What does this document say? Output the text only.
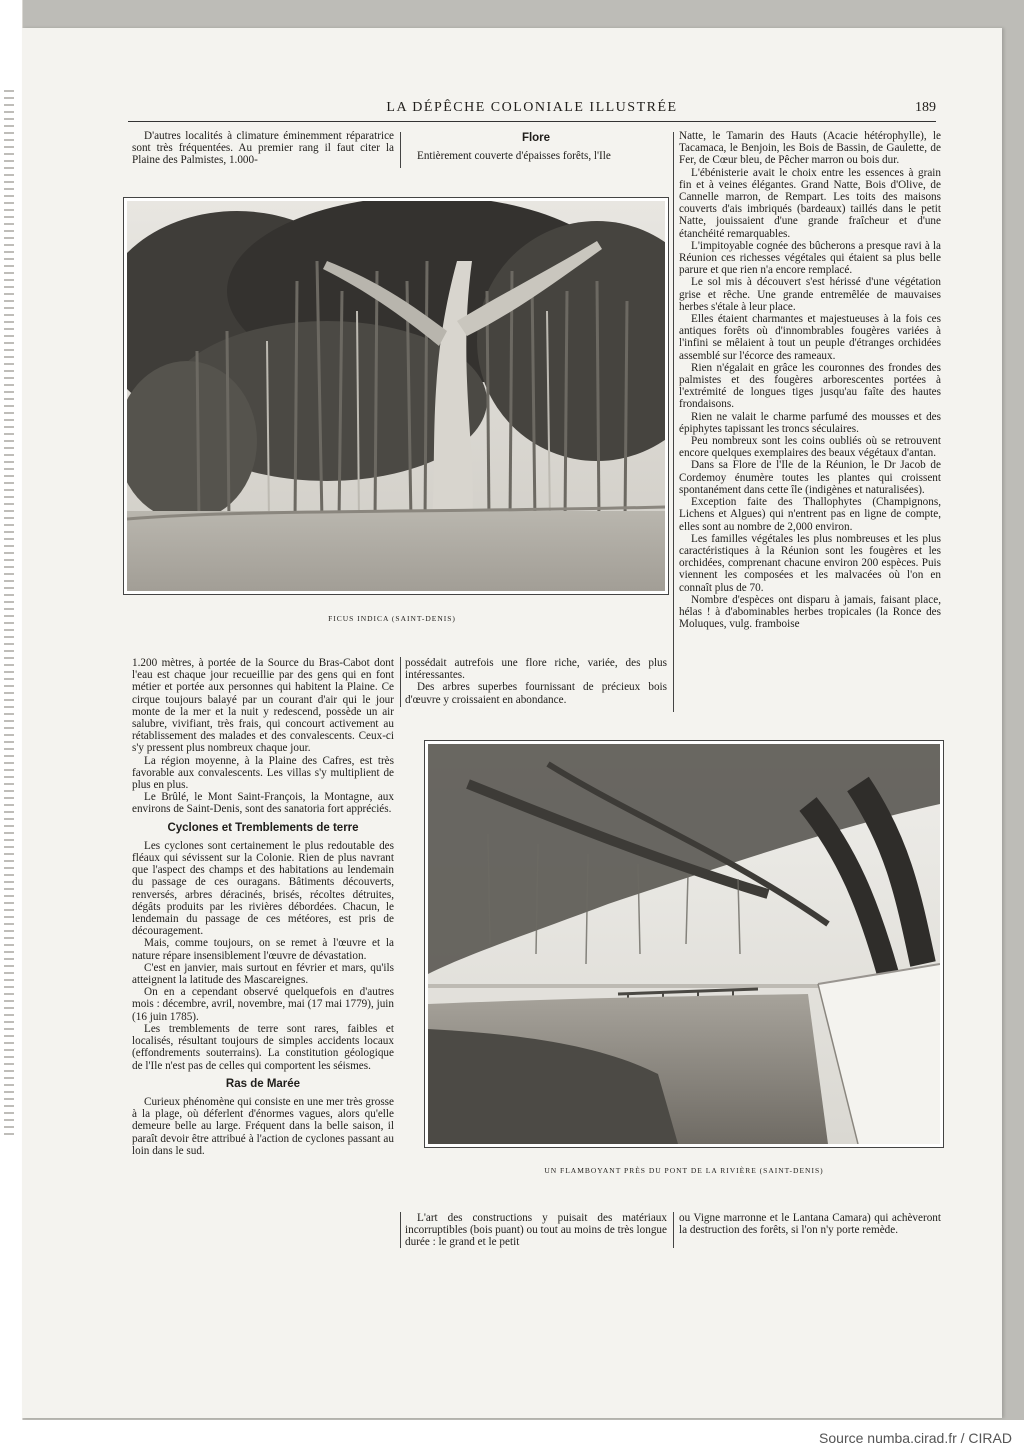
LA DÉPÊCHE COLONIALE ILLUSTRÉE	189

D'autres localités à climature éminemment réparatrice sont très fréquentées. Au premier rang il faut citer la Plaine des Palmistes, 1.000-

Flore

Entièrement couverte d'épaisses forêts, l'Ile

Natte, le Tamarin des Hauts (Acacie hétérophylle), le Tacamaca, le Benjoin, les Bois de Bassin, de Gaulette, de Fer, de Cœur bleu, de Pêcher marron ou bois dur.

L'ébénisterie avait le choix entre les essences à grain fin et à veines élégantes. Grand Natte, Bois d'Olive, de Cannelle marron, de Rempart. Les toits des maisons couverts d'ais imbriqués (bardeaux) taillés dans le petit Natte, jouissaient d'une grande fraîcheur et d'une étanchéité remarquables.

L'impitoyable cognée des bûcherons a presque ravi à la Réunion ces richesses végétales qui étaient sa plus belle parure et que rien n'a encore remplacé.

Le sol mis à découvert s'est hérissé d'une végétation grise et rêche. Une grande entremêlée de mauvaises herbes s'étale à leur place.

Elles étaient charmantes et majestueuses à la fois ces antiques forêts où d'innombrables fougères variées à l'infini se mêlaient à tout un peuple d'étranges orchidées assemblé sur l'écorce des rameaux.

Rien n'égalait en grâce les couronnes des frondes des palmistes et des fougères arborescentes portées à l'extrémité de longues tiges jusqu'au faîte des hautes frondaisons.

Rien ne valait le charme parfumé des mousses et des épiphytes tapissant les troncs séculaires.

Peu nombreux sont les coins oubliés où se retrouvent encore quelques exemplaires des beaux végétaux d'antan.

Dans sa Flore de l'Ile de la Réunion, le Dr Jacob de Cordemoy énumère toutes les plantes qui croissent spontanément dans cette île (indigènes et naturalisées).

Exception faite des Thallophytes (Champignons, Lichens et Algues) qui n'entrent pas en ligne de compte, elles sont au nombre de 2,000 environ.

Les familles végétales les plus nombreuses et les plus caractéristiques à la Réunion sont les fougères et les orchidées, comprenant chacune environ 200 espèces. Puis viennent les composées et les malvacées où l'on en connaît plus de 70.

Nombre d'espèces ont disparu à jamais, faisant place, hélas ! à d'abominables herbes tropicales (la Ronce des Moluques, vulg. framboise

FICUS INDICA (SAINT-DENIS)

1.200 mètres, à portée de la Source du Bras-Cabot dont l'eau est chaque jour recueillie par des gens qui en font métier et portée aux personnes qui habitent la Plaine. Ce cirque toujours balayé par un courant d'air qui le jour monte de la mer et la nuit y redescend, possède un air salubre, vivifiant, très frais, qui concourt activement au rétablissement des malades et des convalescents. Ceux-ci s'y pressent plus nombreux chaque jour.

La région moyenne, à la Plaine des Cafres, est très favorable aux convalescents. Les villas s'y multiplient de plus en plus.

Le Brûlé, le Mont Saint-François, la Montagne, aux environs de Saint-Denis, sont des sanatoria fort appréciés.

Cyclones et Tremblements de terre

Les cyclones sont certainement le plus redoutable des fléaux qui sévissent sur la Colonie. Rien de plus navrant que l'aspect des champs et des habitations au lendemain du passage de ces ouragans. Bâtiments découverts, renversés, arbres déracinés, brisés, récoltes détruites, dégâts produits par les rivières débordées. Chacun, le lendemain du passage de ces météores, est pris de découragement.

Mais, comme toujours, on se remet à l'œuvre et la nature répare insensiblement l'œuvre de dévastation.

C'est en janvier, mais surtout en février et mars, qu'ils atteignent la latitude des Mascareignes.

On en a cependant observé quelquefois en d'autres mois : décembre, avril, novembre, mai (17 mai 1779), juin (16 juin 1785).

Les tremblements de terre sont rares, faibles et localisés, résultant toujours de simples accidents locaux (effondrements souterrains). La constitution géologique de l'Ile n'est pas de celles qui comportent les séismes.

Ras de Marée

Curieux phénomène qui consiste en une mer très grosse à la plage, où déferlent d'énormes vagues, alors qu'elle demeure belle au large. Fréquent dans la belle saison, il paraît devoir être attribué à l'action de cyclones passant au loin dans le sud.

possédait autrefois une flore riche, variée, des plus intéressantes.

Des arbres superbes fournissant de précieux bois d'œuvre y croissaient en abondance.

UN FLAMBOYANT PRÈS DU PONT DE LA RIVIÈRE (SAINT-DENIS)

L'art des constructions y puisait des matériaux incorruptibles (bois puant) ou tout au moins de très longue durée : le grand et le petit

ou Vigne marronne et le Lantana Camara) qui achèveront la destruction des forêts, si l'on n'y porte remède.

Source numba.cirad.fr / CIRAD
